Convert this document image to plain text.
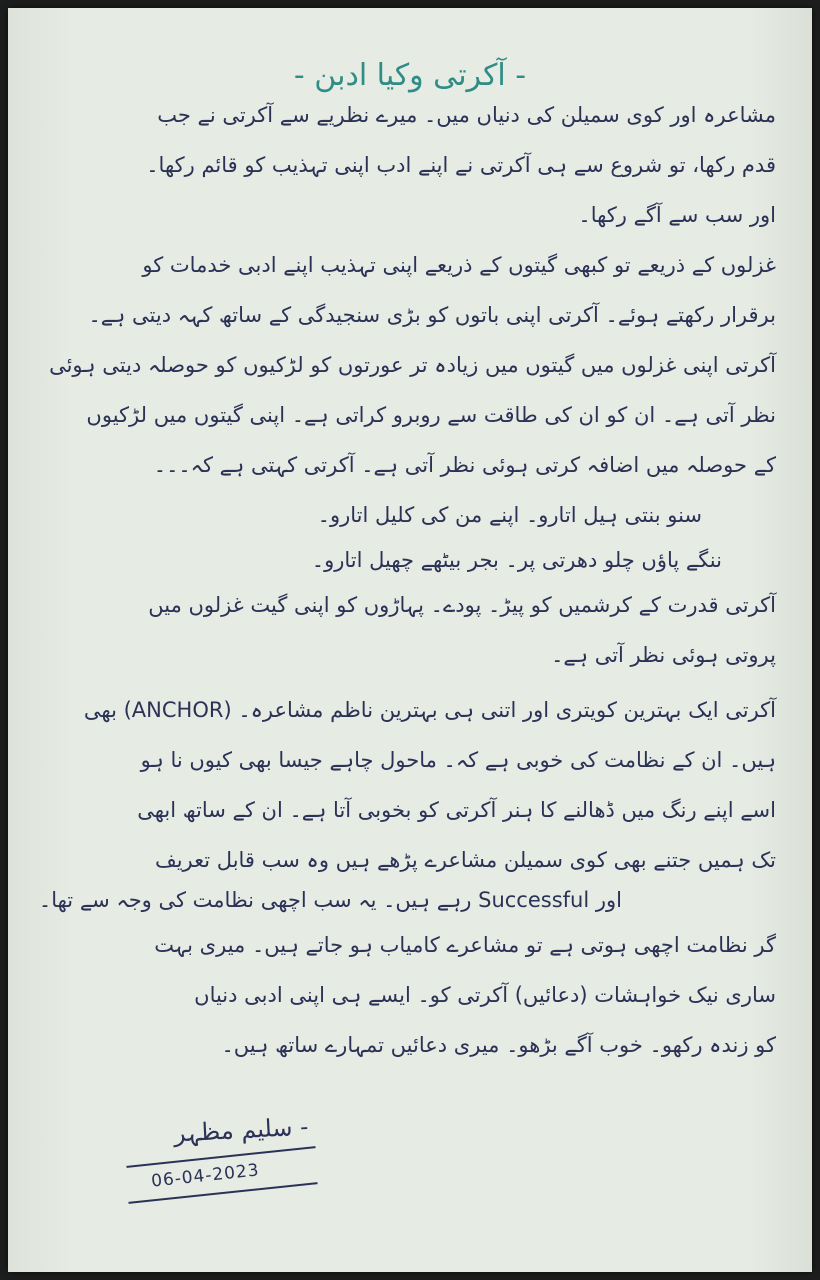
- آکرتی وکیا ادبن -
مشاعرہ اور کوی سمیلن کی دنیاں میں۔ میرے نظریے سے آکرتی نے جب
قدم رکھا، تو شروع سے ہی آکرتی نے اپنے ادب اپنی تہذیب کو قائم رکھا۔
اور سب سے آگے رکھا۔
غزلوں کے ذریعے تو کبھی گیتوں کے ذریعے اپنی تہذیب اپنے ادبی خدمات کو
برقرار رکھتے ہوئے۔ آکرتی اپنی باتوں کو بڑی سنجیدگی کے ساتھ کہہ دیتی ہے۔
آکرتی اپنی غزلوں میں گیتوں میں زیادہ تر عورتوں کو لڑکیوں کو حوصلہ دیتی ہوئی
نظر آتی ہے۔ ان کو ان کی طاقت سے روبرو کراتی ہے۔ اپنی گیتوں میں لڑکیوں
کے حوصلہ میں اضافہ کرتی ہوئی نظر آتی ہے۔ آکرتی کہتی ہے کہ۔۔۔
سنو بنتی ہیل اتارو۔ اپنے من کی کلیل اتارو۔
ننگے پاؤں چلو دھرتی پر۔ بجر بیٹھے چھیل اتارو۔
آکرتی قدرت کے کرشمیں کو پیڑ۔ پودے۔ پہاڑوں کو اپنی گیت غزلوں میں
پروتی ہوئی نظر آتی ہے۔
آکرتی ایک بہترین کویتری اور اتنی ہی بہترین ناظم مشاعرہ۔ (ANCHOR) بھی
ہیں۔ ان کے نظامت کی خوبی ہے کہ۔ ماحول چاہے جیسا بھی کیوں نا ہو
اسے اپنے رنگ میں ڈھالنے کا ہنر آکرتی کو بخوبی آتا ہے۔ ان کے ساتھ ابھی
تک ہمیں جتنے بھی کوی سمیلن مشاعرے پڑھے ہیں وہ سب قابل تعریف
اور Successful رہے ہیں۔ یہ سب اچھی نظامت کی وجہ سے تھا۔
گر نظامت اچھی ہوتی ہے تو مشاعرے کامیاب ہو جاتے ہیں۔ میری بہت
ساری نیک خواہشات (دعائیں) آکرتی کو۔ ایسے ہی اپنی ادبی دنیاں
کو زندہ رکھو۔ خوب آگے بڑھو۔ میری دعائیں تمہارے ساتھ ہیں۔
- سلیم مظہر
06-04-2023
